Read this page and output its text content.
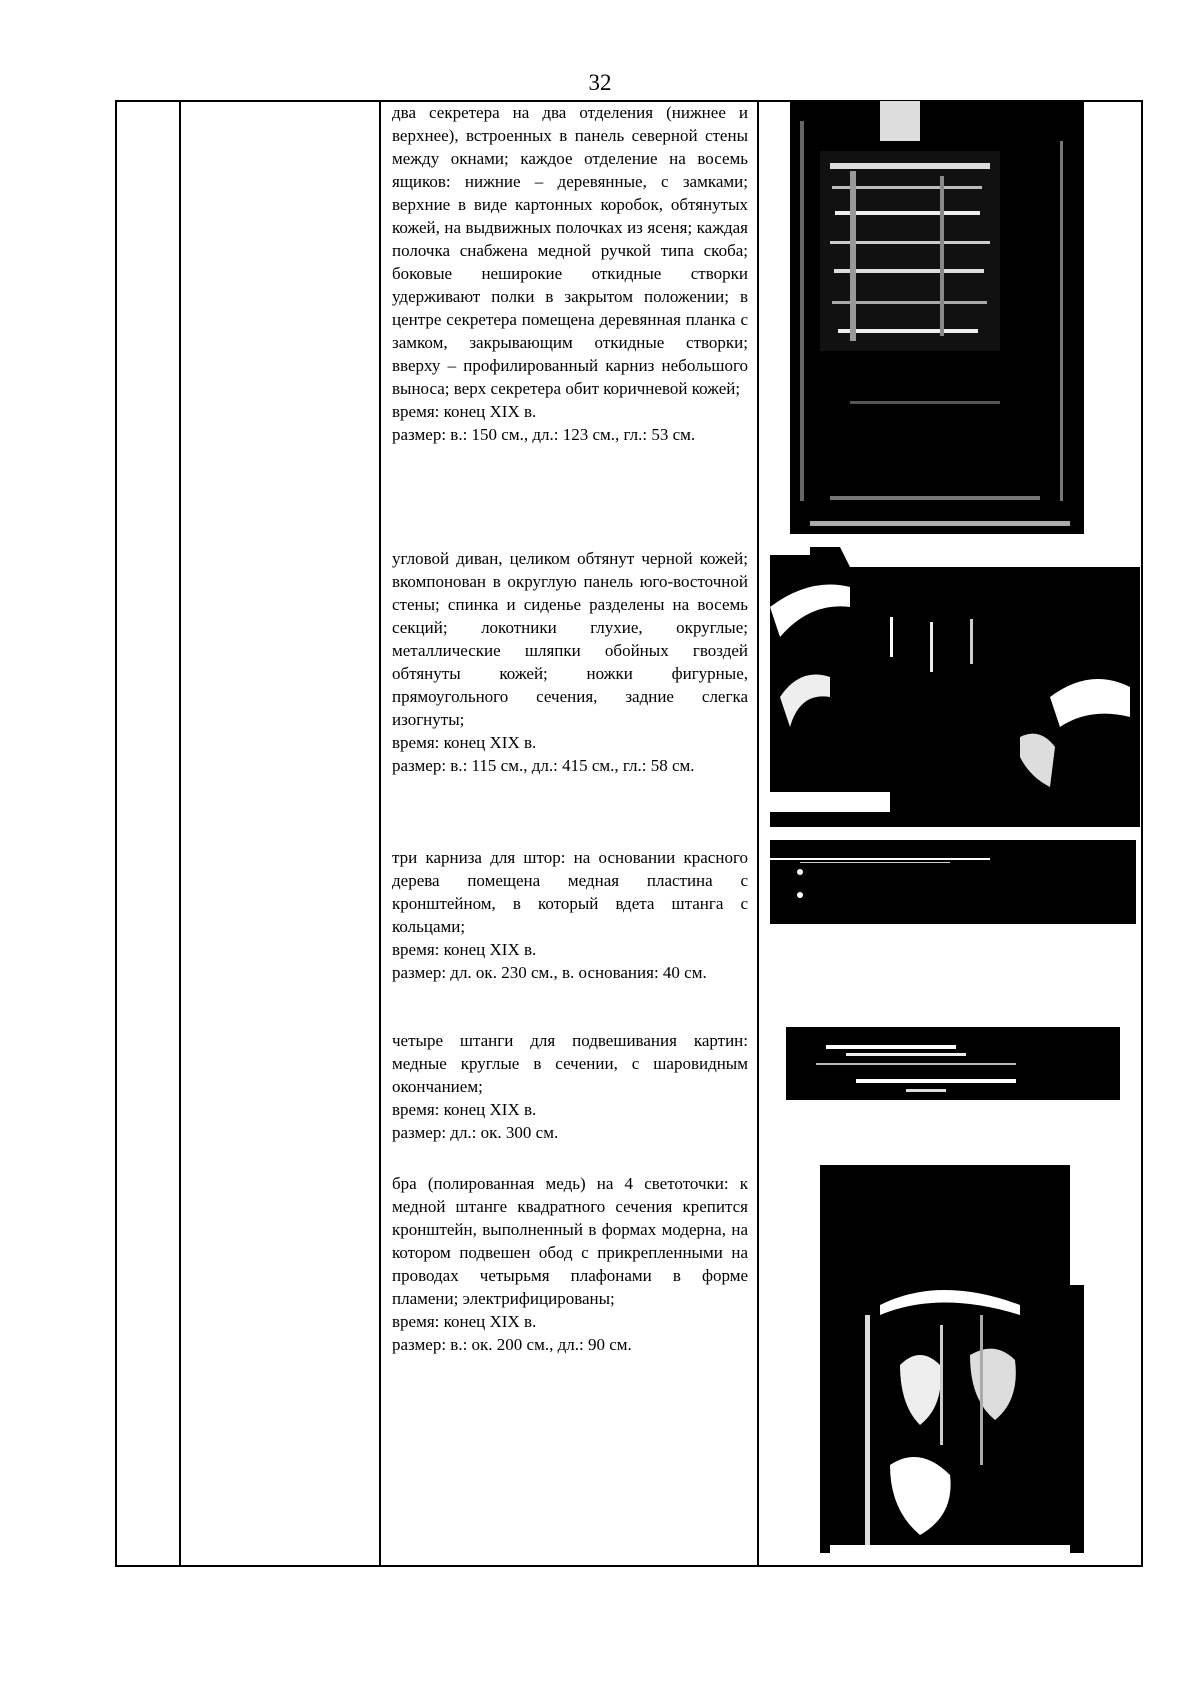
32

два секретера на два отделения (нижнее и верхнее), встроенных в панель северной стены между окнами; каждое отделение на восемь ящиков: нижние – деревянные, с замками; верхние в виде картонных коробок, обтянутых кожей, на выдвижных полочках из ясеня; каждая полочка снабжена медной ручкой типа скоба; боковые неширокие откидные створки удерживают полки в закрытом положении; в центре секретера помещена деревянная планка с замком, закрывающим откидные створки; вверху – профилированный карниз небольшого выноса; верх секретера обит коричневой кожей;

время: конец XIX в.

размер: в.: 150 см., дл.: 123 см., гл.: 53 см.

угловой диван, целиком обтянут черной кожей; вкомпонован в округлую панель юго-восточной стены; спинка и сиденье разделены на восемь секций; локотники глухие, округлые; металлические шляпки обойных гвоздей обтянуты кожей; ножки фигурные, прямоугольного сечения, задние слегка изогнуты;

время: конец XIX в.

размер: в.: 115 см., дл.: 415 см., гл.: 58 см.

три карниза для штор: на основании красного дерева помещена медная пластина с кронштейном, в который вдета штанга с кольцами;

время: конец XIX в.

размер: дл. ок. 230 см., в. основания: 40 см.

четыре штанги для подвешивания картин: медные круглые в сечении, с шаровидным окончанием;

время: конец XIX в.

размер: дл.: ок. 300 см.

бра (полированная медь) на 4 светоточки: к медной штанге квадратного сечения крепится кронштейн, выполненный в формах модерна, на котором подвешен обод с прикрепленными на проводах четырьмя плафонами в форме пламени; электрифицированы;

время: конец XIX в.

размер: в.: ок. 200 см., дл.: 90 см.
